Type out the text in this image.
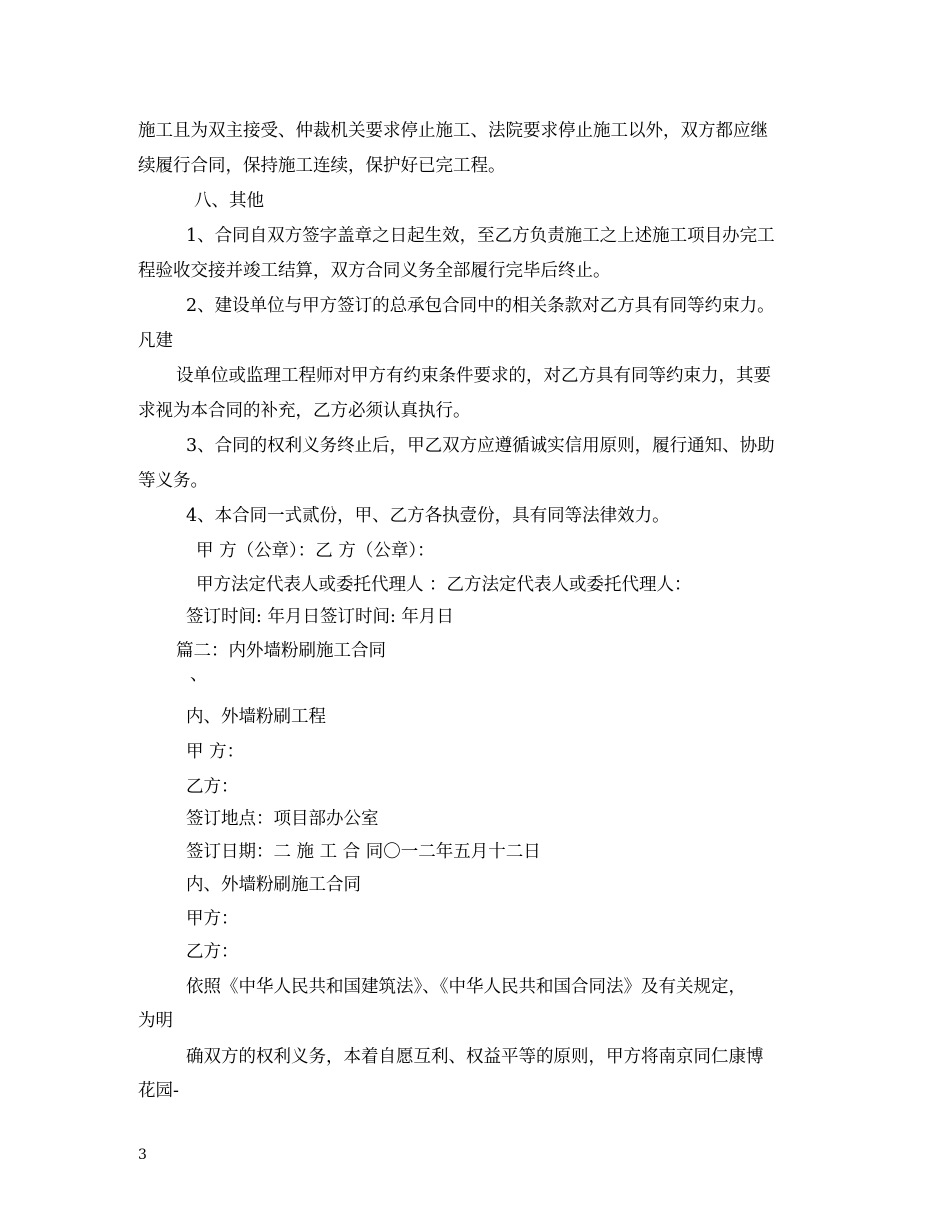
施工且为双主接受、仲裁机关要求停止施工、法院要求停止施工以外，双方都应继
续履行合同，保持施工连续，保护好已完工程。
八、其他
1、合同自双方签字盖章之日起生效，至乙方负责施工之上述施工项目办完工
程验收交接并竣工结算，双方合同义务全部履行完毕后终止。
2、建设单位与甲方签订的总承包合同中的相关条款对乙方具有同等约束力。
凡建
设单位或监理工程师对甲方有约束条件要求的，对乙方具有同等约束力，其要
求视为本合同的补充，乙方必须认真执行。
3、合同的权利义务终止后，甲乙双方应遵循诚实信用原则，履行通知、协助
等义务。
4、本合同一式贰份，甲、乙方各执壹份，具有同等法律效力。
甲 方（公章）：乙 方（公章）：
甲方法定代表人或委托代理人 ：乙方法定代表人或委托代理人：
签订时间: 年月日签订时间: 年月日
篇二：内外墙粉刷施工合同
、
内、外墙粉刷工程
甲 方：
乙方：
签订地点：项目部办公室
签订日期：二 施 工 合 同〇一二年五月十二日
内、外墙粉刷施工合同
甲方：
乙方：
依照《中华人民共和国建筑法》、《中华人民共和国合同法》及有关规定，
为明
确双方的权利义务，本着自愿互利、权益平等的原则，甲方将南京同仁康博
花园-
3
